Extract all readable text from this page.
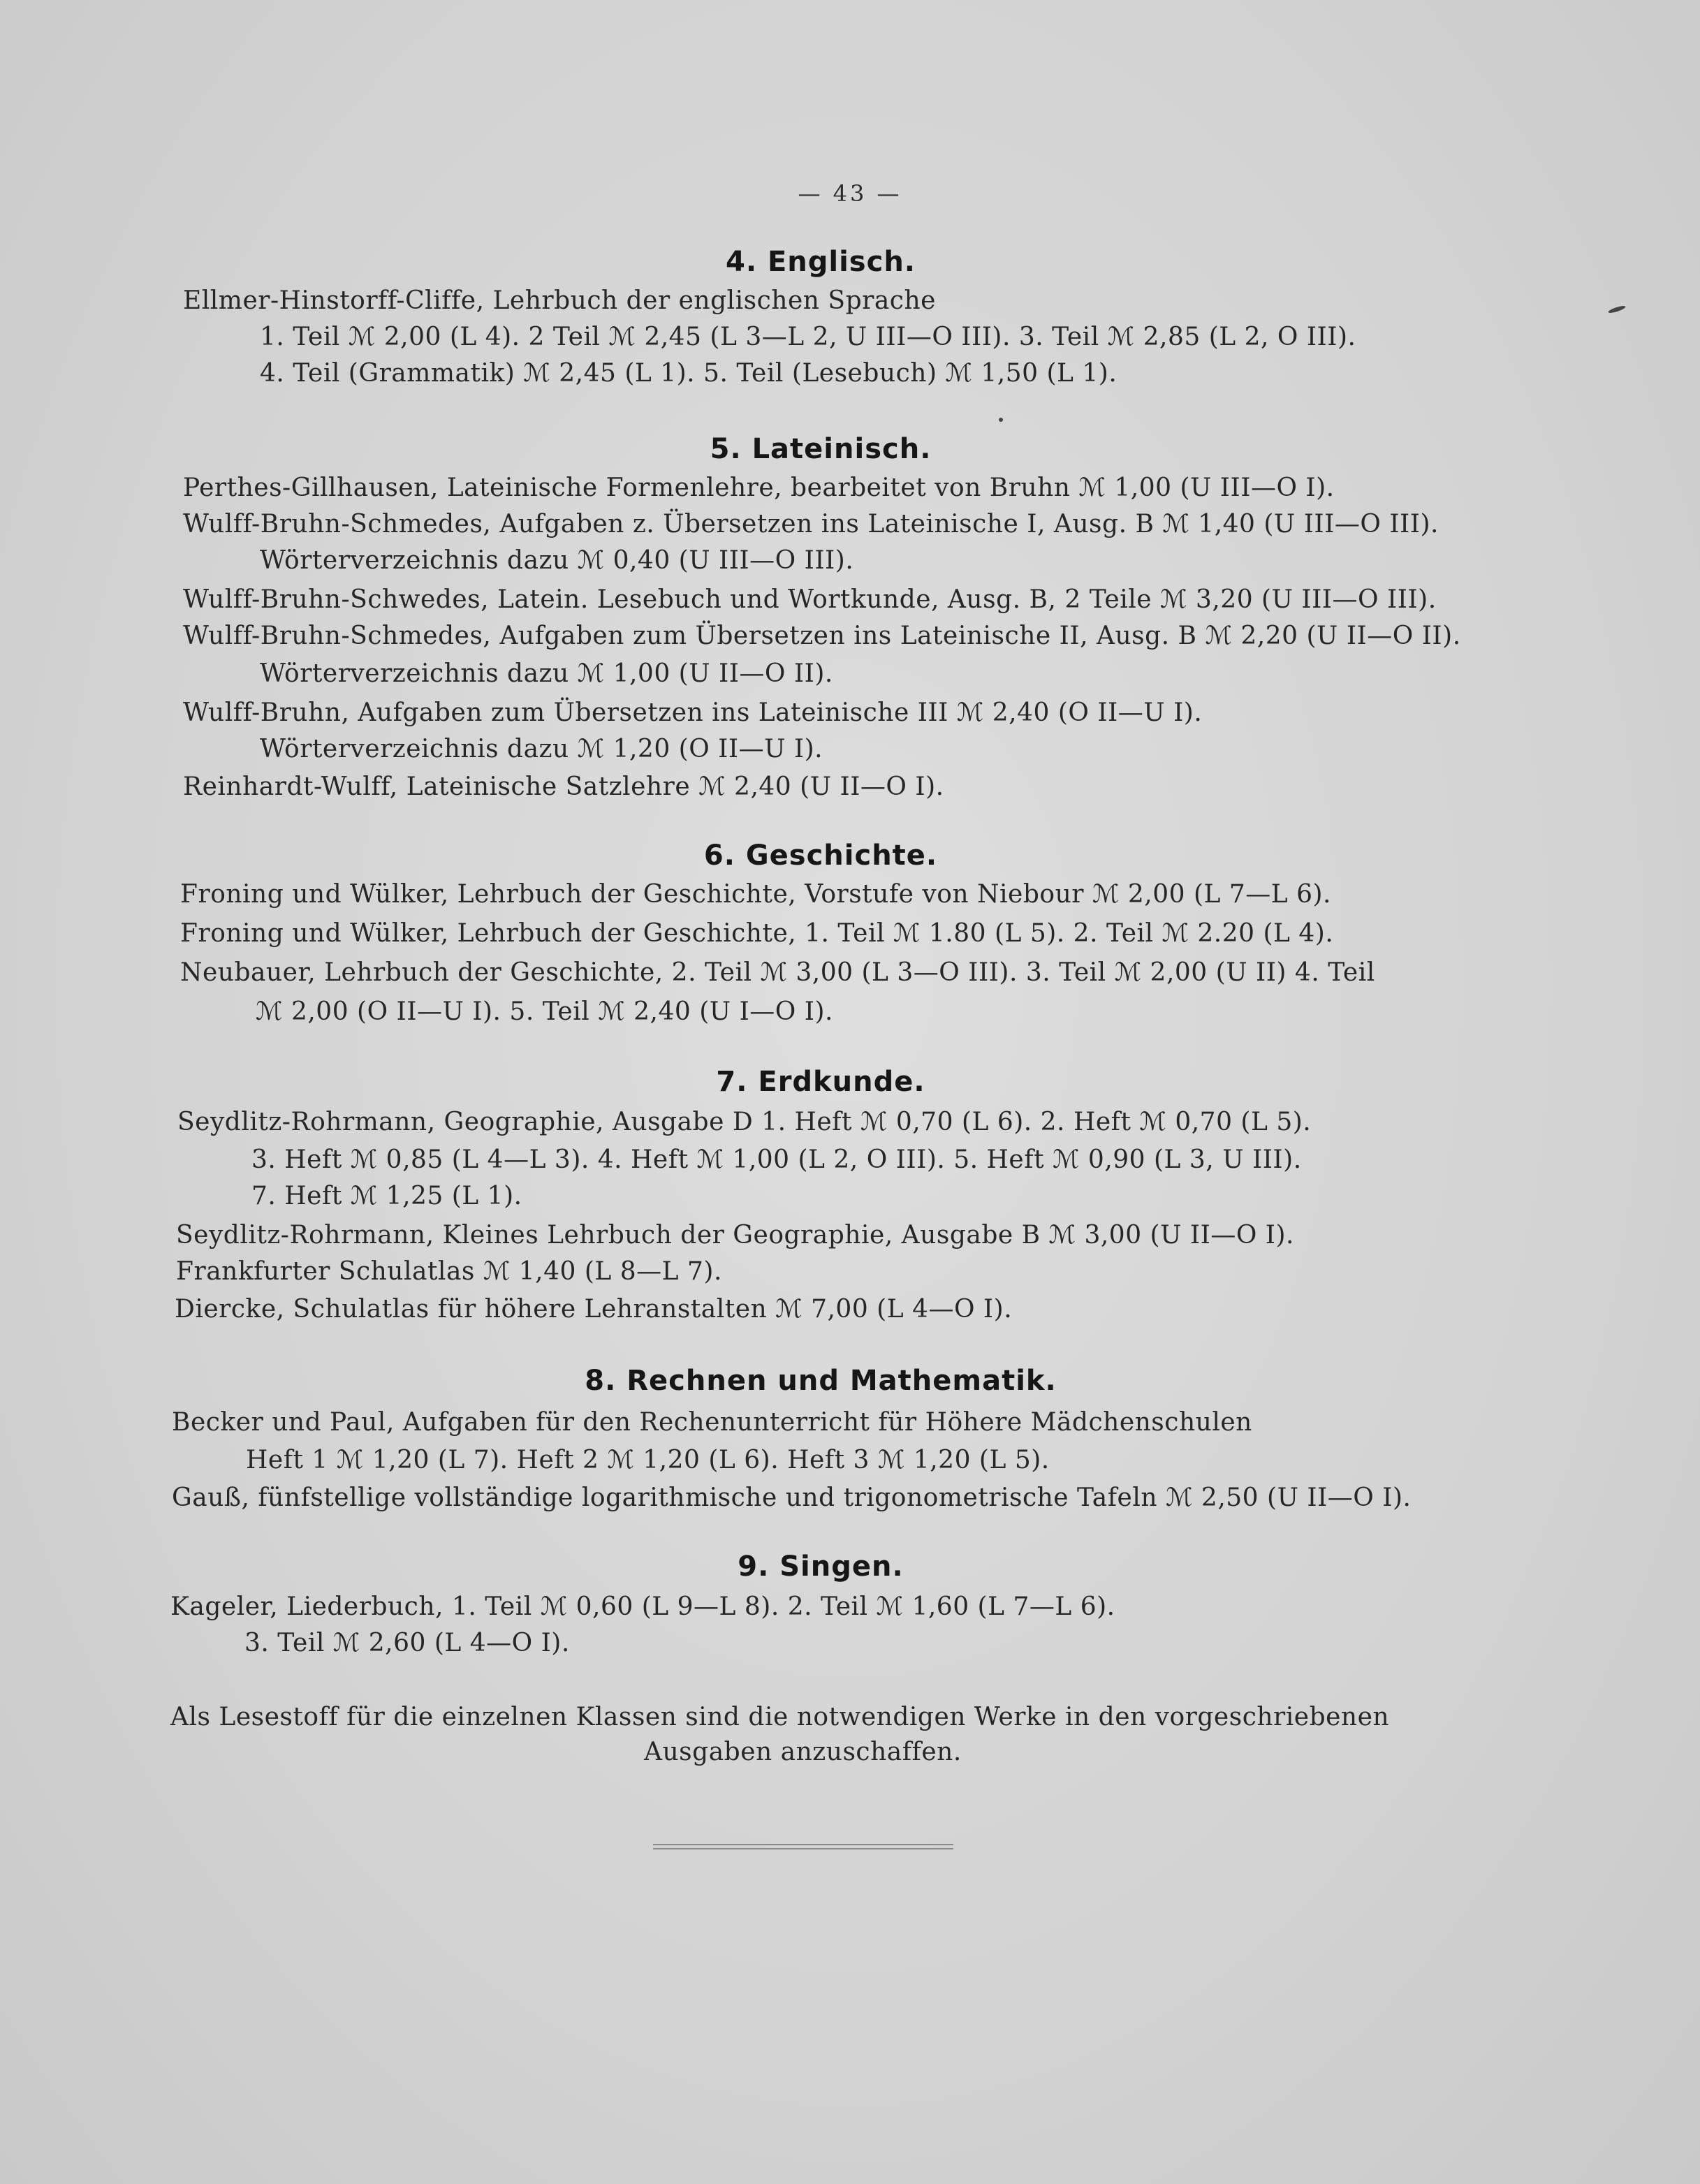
— 43 —
4. Englisch.
Ellmer-Hinstorff-Cliffe, Lehrbuch der englischen Sprache
1. Teil ℳ 2,00 (L 4). 2 Teil ℳ 2,45 (L 3—L 2, U III—O III). 3. Teil ℳ 2,85 (L 2, O III).
4. Teil (Grammatik) ℳ 2,45 (L 1). 5. Teil (Lesebuch) ℳ 1,50 (L 1).
5. Lateinisch.
Perthes-Gillhausen, Lateinische Formenlehre, bearbeitet von Bruhn ℳ 1,00 (U III—O I).
Wulff-Bruhn-Schmedes, Aufgaben z. Übersetzen ins Lateinische I, Ausg. B ℳ 1,40 (U III—O III).
Wörterverzeichnis dazu ℳ 0,40 (U III—O III).
Wulff-Bruhn-Schwedes, Latein. Lesebuch und Wortkunde, Ausg. B, 2 Teile ℳ 3,20 (U III—O III).
Wulff-Bruhn-Schmedes, Aufgaben zum Übersetzen ins Lateinische II, Ausg. B ℳ 2,20 (U II—O II).
Wörterverzeichnis dazu ℳ 1,00 (U II—O II).
Wulff-Bruhn, Aufgaben zum Übersetzen ins Lateinische III ℳ 2,40 (O II—U I).
Wörterverzeichnis dazu ℳ 1,20 (O II—U I).
Reinhardt-Wulff, Lateinische Satzlehre ℳ 2,40 (U II—O I).
6. Geschichte.
Froning und Wülker, Lehrbuch der Geschichte, Vorstufe von Niebour ℳ 2,00 (L 7—L 6).
Froning und Wülker, Lehrbuch der Geschichte, 1. Teil ℳ 1.80 (L 5). 2. Teil ℳ 2.20 (L 4).
Neubauer, Lehrbuch der Geschichte, 2. Teil ℳ 3,00 (L 3—O III). 3. Teil ℳ 2,00 (U II) 4. Teil
ℳ 2,00 (O II—U I). 5. Teil ℳ 2,40 (U I—O I).
7. Erdkunde.
Seydlitz-Rohrmann, Geographie, Ausgabe D 1. Heft ℳ 0,70 (L 6). 2. Heft ℳ 0,70 (L 5).
3. Heft ℳ 0,85 (L 4—L 3). 4. Heft ℳ 1,00 (L 2, O III). 5. Heft ℳ 0,90 (L 3, U III).
7. Heft ℳ 1,25 (L 1).
Seydlitz-Rohrmann, Kleines Lehrbuch der Geographie, Ausgabe B ℳ 3,00 (U II—O I).
Frankfurter Schulatlas ℳ 1,40 (L 8—L 7).
Diercke, Schulatlas für höhere Lehranstalten ℳ 7,00 (L 4—O I).
8. Rechnen und Mathematik.
Becker und Paul, Aufgaben für den Rechenunterricht für Höhere Mädchenschulen
Heft 1 ℳ 1,20 (L 7). Heft 2 ℳ 1,20 (L 6). Heft 3 ℳ 1,20 (L 5).
Gauß, fünfstellige vollständige logarithmische und trigonometrische Tafeln ℳ 2,50 (U II—O I).
9. Singen.
Kageler, Liederbuch, 1. Teil ℳ 0,60 (L 9—L 8). 2. Teil ℳ 1,60 (L 7—L 6).
3. Teil ℳ 2,60 (L 4—O I).
Als Lesestoff für die einzelnen Klassen sind die notwendigen Werke in den vorgeschriebenen
Ausgaben anzuschaffen.
